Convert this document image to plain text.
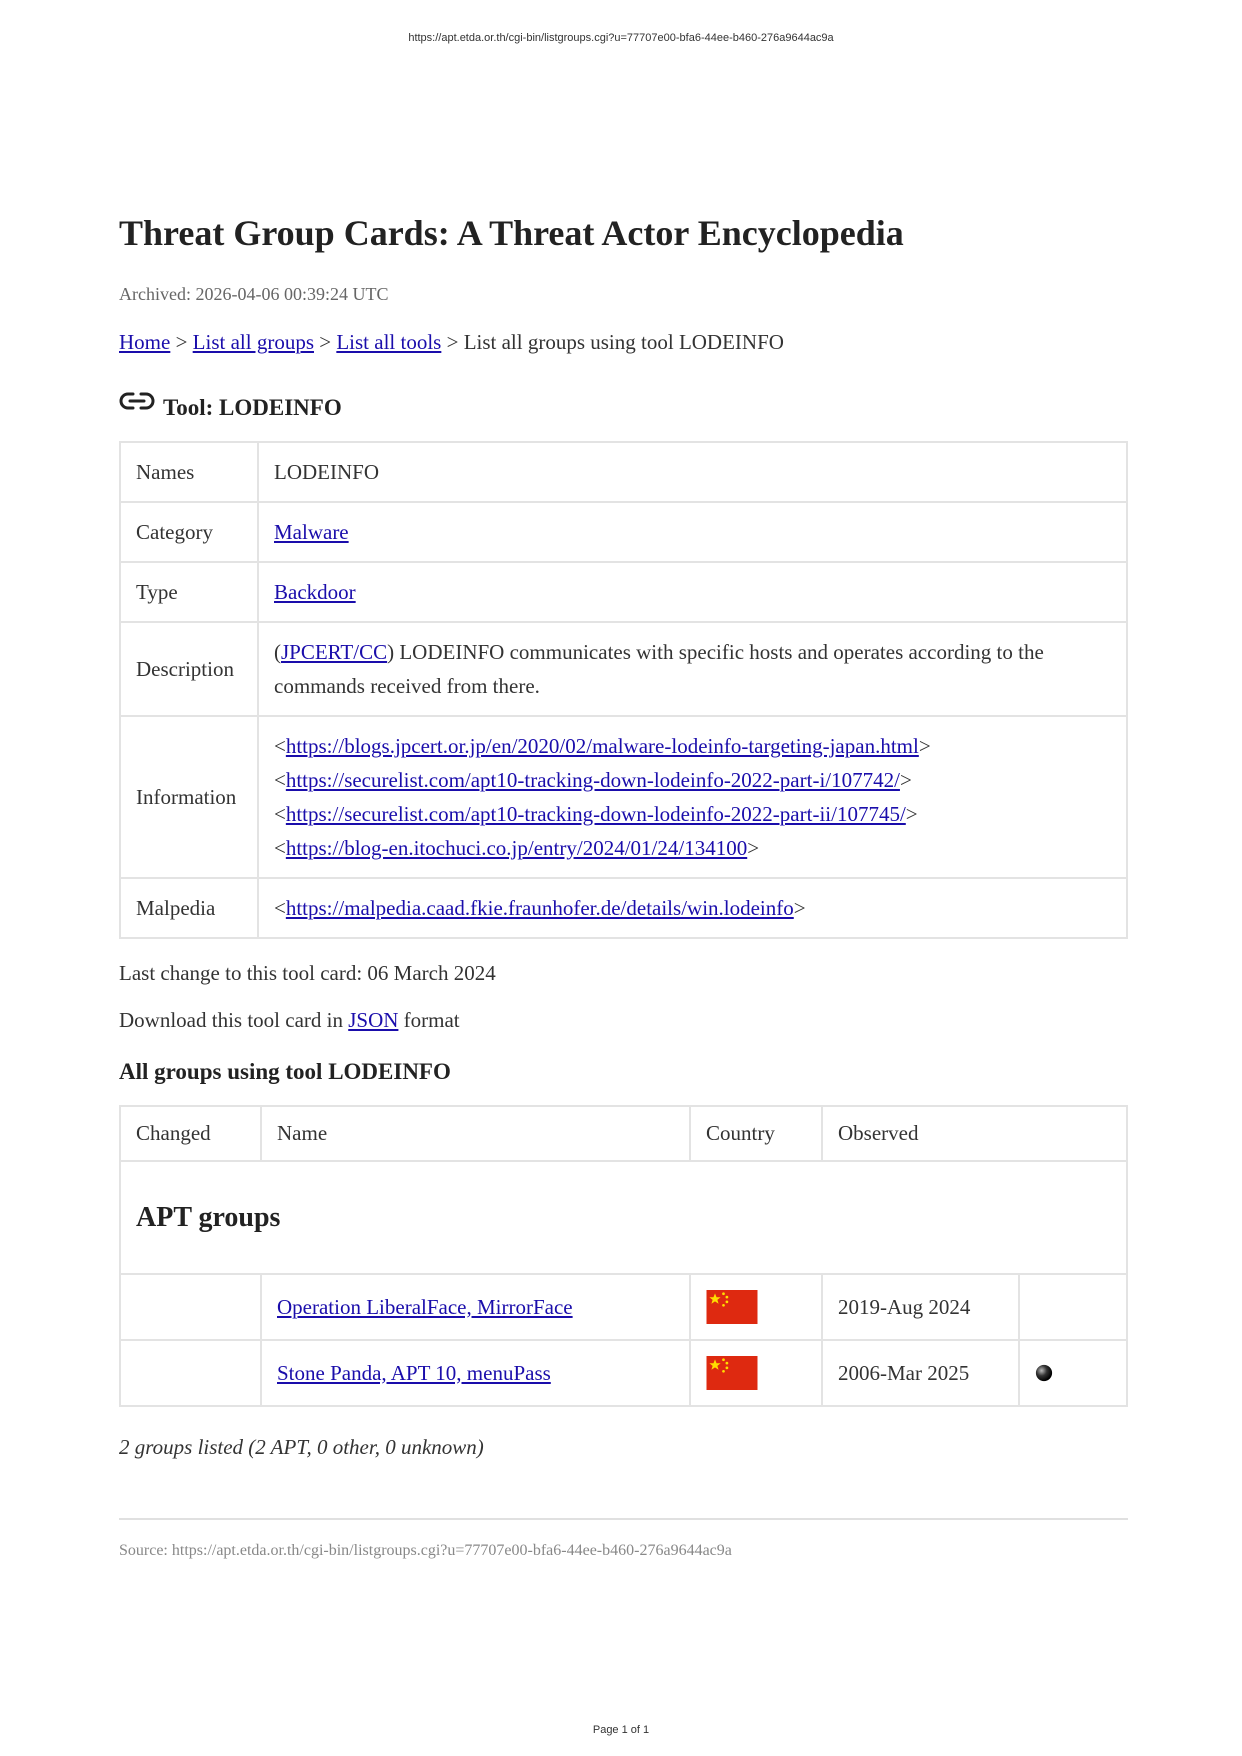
https://apt.etda.or.th/cgi-bin/listgroups.cgi?u=77707e00-bfa6-44ee-b460-276a9644ac9a
Threat Group Cards: A Threat Actor Encyclopedia
Archived: 2026-04-06 00:39:24 UTC
Home > List all groups > List all tools > List all groups using tool LODEINFO
Tool: LODEINFO
Names	LODEINFO
Category	Malware
Type	Backdoor
Description	(JPCERT/CC) LODEINFO communicates with specific hosts and operates according to the commands received from there.
Information	<https://blogs.jpcert.or.jp/en/2020/02/malware-lodeinfo-targeting-japan.html>
<https://securelist.com/apt10-tracking-down-lodeinfo-2022-part-i/107742/>
<https://securelist.com/apt10-tracking-down-lodeinfo-2022-part-ii/107745/>
<https://blog-en.itochuci.co.jp/entry/2024/01/24/134100>
Malpedia	<https://malpedia.caad.fkie.fraunhofer.de/details/win.lodeinfo>
Last change to this tool card: 06 March 2024
Download this tool card in JSON format
All groups using tool LODEINFO
Changed	Name	Country	Observed	
APT groups				
	Operation LiberalFace, MirrorFace		2019-Aug 2024	
	Stone Panda, APT 10, menuPass		2006-Mar 2025	
2 groups listed (2 APT, 0 other, 0 unknown)
Source: https://apt.etda.or.th/cgi-bin/listgroups.cgi?u=77707e00-bfa6-44ee-b460-276a9644ac9a
Page 1 of 1
